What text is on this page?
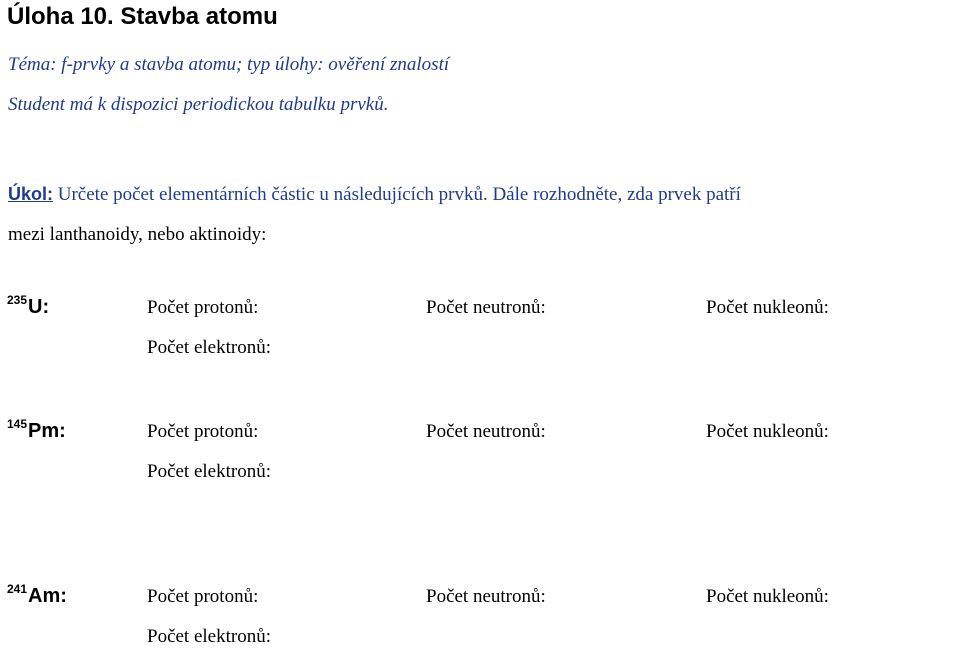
Úloha 10. Stavba atomu
Téma: f-prvky a stavba atomu; typ úlohy: ověření znalostí
Student má k dispozici periodickou tabulku prvků.
Úkol: Určete počet elementárních částic u následujících prvků. Dále rozhodněte, zda prvek patří
mezi lanthanoidy, nebo aktinoidy:
$^{235}$U:	Počet protonů:	Počet neutronů:	Počet nukleonů:
Počet elektronů:
$^{145}$Pm:	Počet protonů:	Počet neutronů:	Počet nukleonů:
Počet elektronů:
$^{241}$Am:	Počet protonů:	Počet neutronů:	Počet nukleonů:
Počet elektronů:
